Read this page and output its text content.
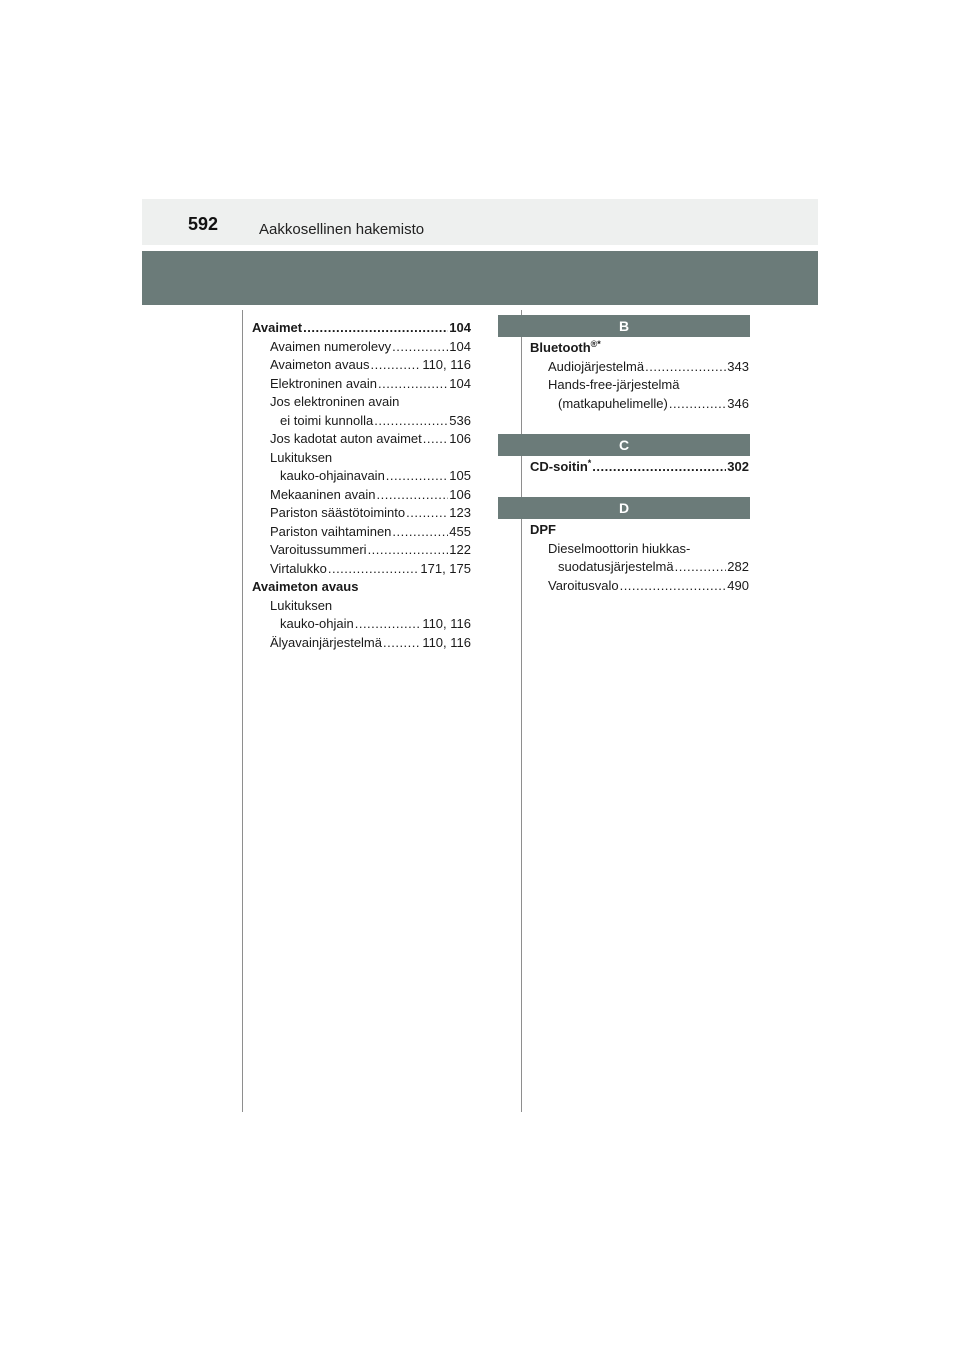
592	Aakkosellinen hakemisto
Avaimet .....	104
Avaimen numerolevy .....	104
Avaimeton avaus .....	110, 116
Elektroninen avain .....	104
Jos elektroninen avain
ei toimi kunnolla .....	536
Jos kadotat auton avaimet ..... 106
Lukituksen
kauko-ohjainavain .....	105
Mekaaninen avain .....	106
Pariston säästötoiminto .....	123
Pariston vaihtaminen .....	455
Varoitussummeri .....	122
Virtalukko .....	171, 175
Avaimeton avaus
Lukituksen
kauko-ohjain .....	110, 116
Älyavainjärjestelmä .....	110, 116
B
Bluetooth®*
Audiojärjestelmä .....	343
Hands-free-järjestelmä
(matkapuhelimelle) .....	346
C
CD-soitin* .....	302
D
DPF
Dieselmoottorin hiukkas-
suodatusjärjestelmä .....	282
Varoitusvalo .....	490
